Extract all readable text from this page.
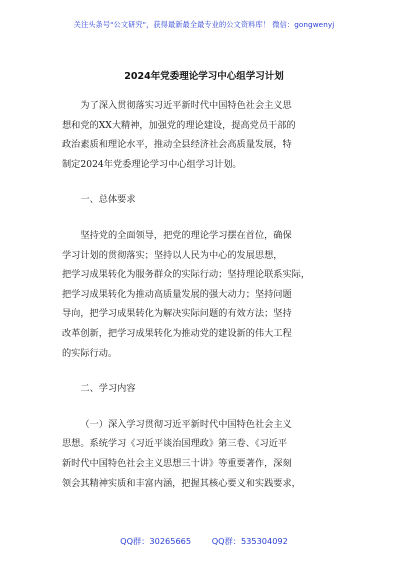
关注头条号"公文研究"，获得最新最全最专业的公文资料库！ 微信：gongwenyj
2024年党委理论学习中心组学习计划
为了深入贯彻落实习近平新时代中国特色社会主义思
想和党的XX大精神，加强党的理论建设，提高党员干部的
政治素质和理论水平，推动全县经济社会高质量发展，特
制定2024年党委理论学习中心组学习计划。
一、总体要求
坚持党的全面领导，把党的理论学习摆在首位，确保
学习计划的贯彻落实；坚持以人民为中心的发展思想，
把学习成果转化为服务群众的实际行动；坚持理论联系实际，
把学习成果转化为推动高质量发展的强大动力；坚持问题
导向，把学习成果转化为解决实际问题的有效方法；坚持
改革创新，把学习成果转化为推动党的建设新的伟大工程
的实际行动。
二、学习内容
（一）深入学习贯彻习近平新时代中国特色社会主义
思想。系统学习《习近平谈治国理政》第三卷、《习近平
新时代中国特色社会主义思想三十讲》等重要著作，深刻
领会其精神实质和丰富内涵，把握其核心要义和实践要求，
QQ群：30265665	QQ群：535304092
